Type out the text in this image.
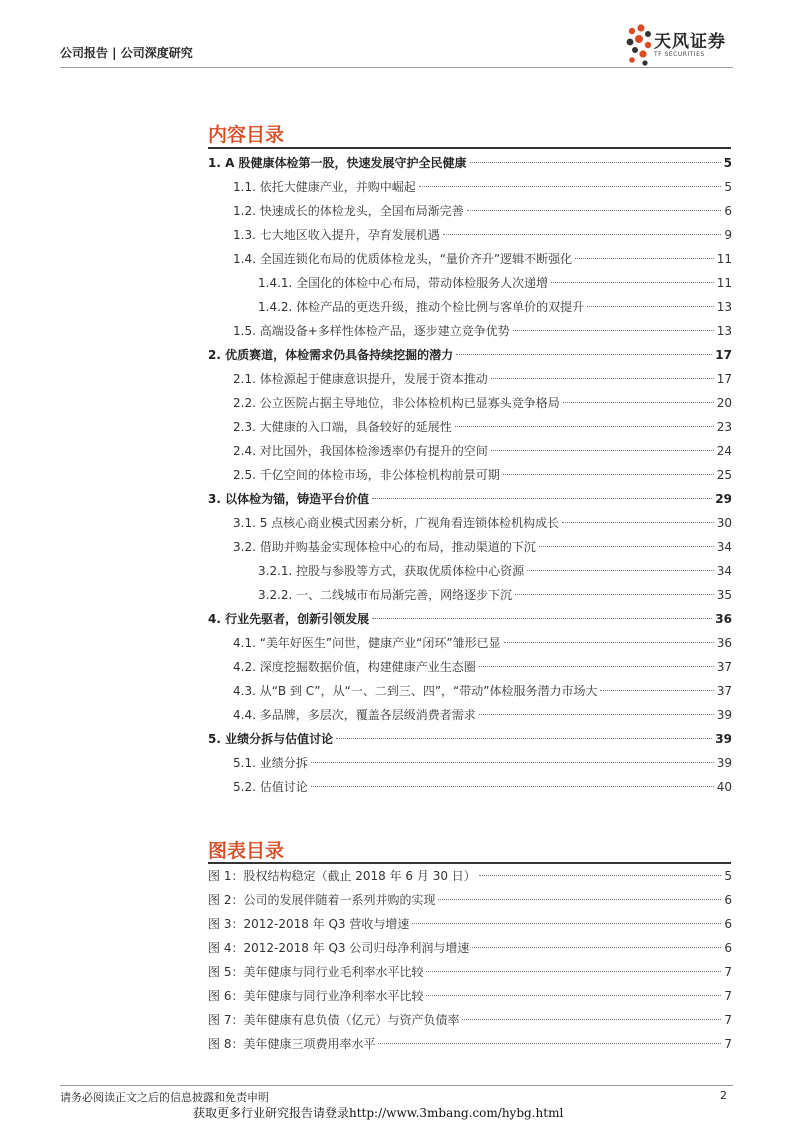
公司报告 | 公司深度研究
天风证券
TF SECURITIES
内容目录
1. A 股健康体检第一股，快速发展守护全民健康	5
1.1. 依托大健康产业，并购中崛起	5
1.2. 快速成长的体检龙头，全国布局渐完善	6
1.3. 七大地区收入提升，孕育发展机遇	9
1.4. 全国连锁化布局的优质体检龙头，“量价齐升”逻辑不断强化	11
1.4.1. 全国化的体检中心布局，带动体检服务人次递增	11
1.4.2. 体检产品的更迭升级，推动个检比例与客单价的双提升	13
1.5. 高端设备+多样性体检产品，逐步建立竞争优势	13
2. 优质赛道，体检需求仍具备持续挖掘的潜力	17
2.1. 体检源起于健康意识提升，发展于资本推动	17
2.2. 公立医院占据主导地位，非公体检机构已显寡头竞争格局	20
2.3. 大健康的入口端，具备较好的延展性	23
2.4. 对比国外，我国体检渗透率仍有提升的空间	24
2.5. 千亿空间的体检市场，非公体检机构前景可期	25
3. 以体检为锚，铸造平台价值	29
3.1. 5 点核心商业模式因素分析，广视角看连锁体检机构成长	30
3.2. 借助并购基金实现体检中心的布局，推动渠道的下沉	34
3.2.1. 控股与参股等方式，获取优质体检中心资源	34
3.2.2. 一、二线城市布局渐完善，网络逐步下沉	35
4. 行业先驱者，创新引领发展	36
4.1. “美年好医生”问世，健康产业“闭环”雏形已显	36
4.2. 深度挖掘数据价值，构建健康产业生态圈	37
4.3. 从“B 到 C”，从“一、二到三、四”，“带动”体检服务潜力市场大	37
4.4. 多品牌，多层次，覆盖各层级消费者需求	39
5. 业绩分拆与估值讨论	39
5.1. 业绩分拆	39
5.2. 估值讨论	40
图表目录
图 1：股权结构稳定（截止 2018 年 6 月 30 日）	5
图 2：公司的发展伴随着一系列并购的实现	6
图 3：2012-2018 年 Q3 营收与增速	6
图 4：2012-2018 年 Q3 公司归母净利润与增速	6
图 5：美年健康与同行业毛利率水平比较	7
图 6：美年健康与同行业净利率水平比较	7
图 7：美年健康有息负债（亿元）与资产负债率	7
图 8：美年健康三项费用率水平	7
请务必阅读正文之后的信息披露和免责申明	2
获取更多行业研究报告请登录http://www.3mbang.com/hybg.html
